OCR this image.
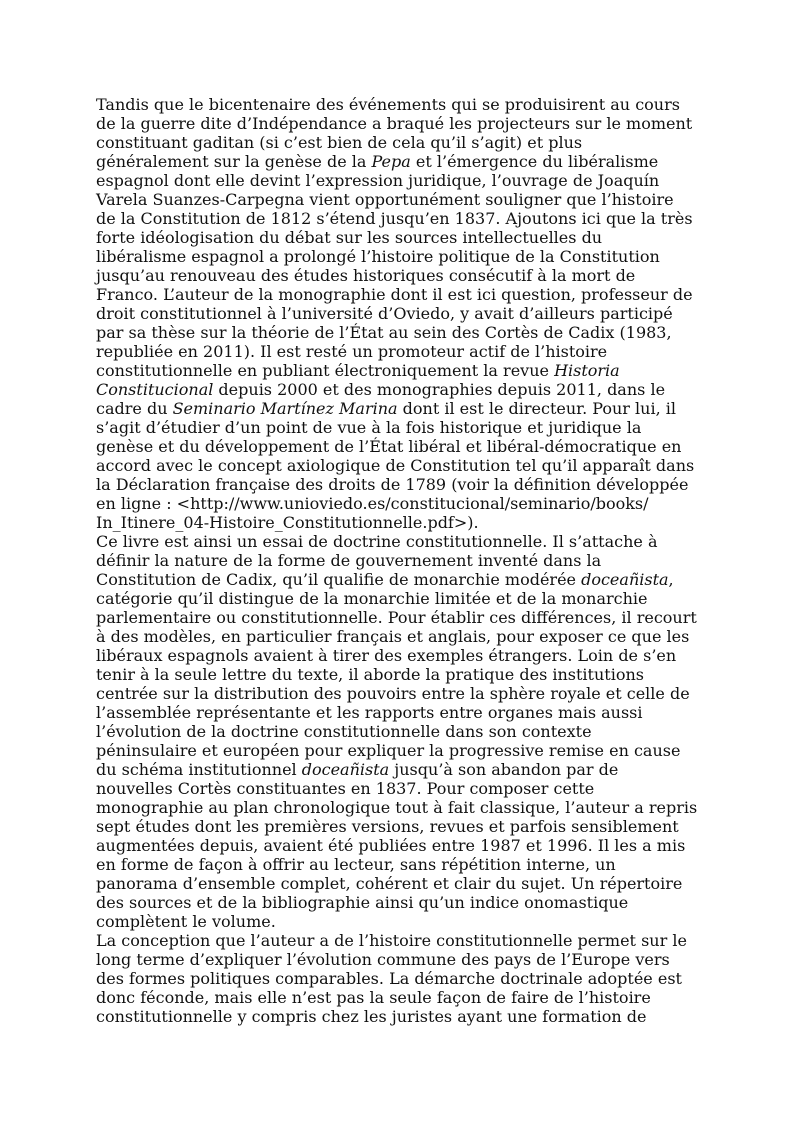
Tandis que le bicentenaire des événements qui se produisirent au cours
de la guerre dite d’Indépendance a braqué les projecteurs sur le moment
constituant gaditan (si c’est bien de cela qu’il s’agit) et plus
généralement sur la genèse de la Pepa et l’émergence du libéralisme
espagnol dont elle devint l’expression juridique, l’ouvrage de Joaquín
Varela Suanzes-Carpegna vient opportunément souligner que l’histoire
de la Constitution de 1812 s’étend jusqu’en 1837. Ajoutons ici que la très
forte idéologisation du débat sur les sources intellectuelles du
libéralisme espagnol a prolongé l’histoire politique de la Constitution
jusqu’au renouveau des études historiques consécutif à la mort de
Franco. L’auteur de la monographie dont il est ici question, professeur de
droit constitutionnel à l’université d’Oviedo, y avait d’ailleurs participé
par sa thèse sur la théorie de l’État au sein des Cortès de Cadix (1983,
republiée en 2011). Il est resté un promoteur actif de l’histoire
constitutionnelle en publiant électroniquement la revue Historia
Constitucional depuis 2000 et des monographies depuis 2011, dans le
cadre du Seminario Martínez Marina dont il est le directeur. Pour lui, il
s’agit d’étudier d’un point de vue à la fois historique et juridique la
genèse et du développement de l’État libéral et libéral-démocratique en
accord avec le concept axiologique de Constitution tel qu’il apparaît dans
la Déclaration française des droits de 1789 (voir la définition développée
en ligne : <http://www.unioviedo.es/constitucional/seminario/books/
In_Itinere_04-Histoire_Constitutionnelle.pdf>).
Ce livre est ainsi un essai de doctrine constitutionnelle. Il s’attache à
définir la nature de la forme de gouvernement inventé dans la
Constitution de Cadix, qu’il qualifie de monarchie modérée doceañista,
catégorie qu’il distingue de la monarchie limitée et de la monarchie
parlementaire ou constitutionnelle. Pour établir ces différences, il recourt
à des modèles, en particulier français et anglais, pour exposer ce que les
libéraux espagnols avaient à tirer des exemples étrangers. Loin de s’en
tenir à la seule lettre du texte, il aborde la pratique des institutions
centrée sur la distribution des pouvoirs entre la sphère royale et celle de
l’assemblée représentante et les rapports entre organes mais aussi
l’évolution de la doctrine constitutionnelle dans son contexte
péninsulaire et européen pour expliquer la progressive remise en cause
du schéma institutionnel doceañista jusqu’à son abandon par de
nouvelles Cortès constituantes en 1837. Pour composer cette
monographie au plan chronologique tout à fait classique, l’auteur a repris
sept études dont les premières versions, revues et parfois sensiblement
augmentées depuis, avaient été publiées entre 1987 et 1996. Il les a mis
en forme de façon à offrir au lecteur, sans répétition interne, un
panorama d’ensemble complet, cohérent et clair du sujet. Un répertoire
des sources et de la bibliographie ainsi qu’un indice onomastique
complètent le volume.
La conception que l’auteur a de l’histoire constitutionnelle permet sur le
long terme d’expliquer l’évolution commune des pays de l’Europe vers
des formes politiques comparables. La démarche doctrinale adoptée est
donc féconde, mais elle n’est pas la seule façon de faire de l’histoire
constitutionnelle y compris chez les juristes ayant une formation de
